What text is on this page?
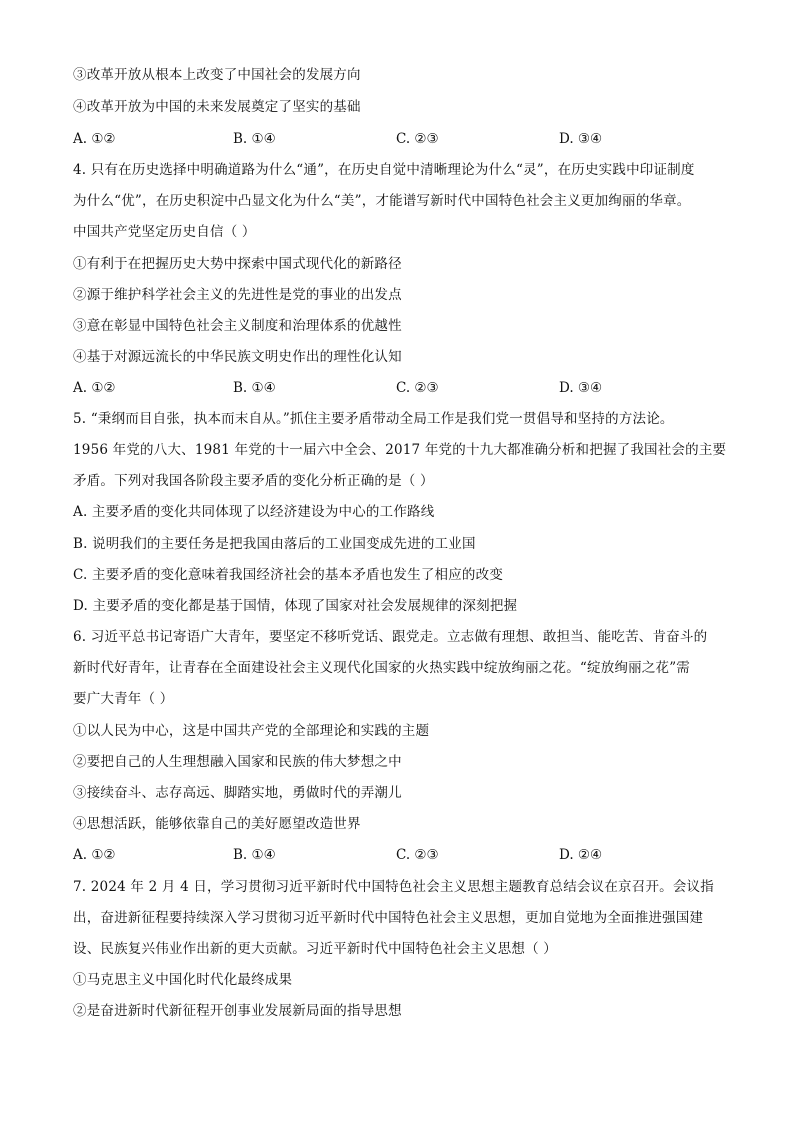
③改革开放从根本上改变了中国社会的发展方向
④改革开放为中国的未来发展奠定了坚实的基础
A. ①②	B. ①④	C. ②③	D. ③④
4. 只有在历史选择中明确道路为什么“通”，在历史自觉中清晰理论为什么“灵”，在历史实践中印证制度
为什么“优”，在历史积淀中凸显文化为什么“美”，才能谱写新时代中国特色社会主义更加绚丽的华章。
中国共产党坚定历史自信（ ）
①有利于在把握历史大势中探索中国式现代化的新路径
②源于维护科学社会主义的先进性是党的事业的出发点
③意在彰显中国特色社会主义制度和治理体系的优越性
④基于对源远流长的中华民族文明史作出的理性化认知
A. ①②	B. ①④	C. ②③	D. ③④
5. “秉纲而目自张，执本而末自从。”抓住主要矛盾带动全局工作是我们党一贯倡导和坚持的方法论。
1956 年党的八大、1981 年党的十一届六中全会、2017 年党的十九大都准确分析和把握了我国社会的主要
矛盾。下列对我国各阶段主要矛盾的变化分析正确的是（ ）
A. 主要矛盾的变化共同体现了以经济建设为中心的工作路线
B. 说明我们的主要任务是把我国由落后的工业国变成先进的工业国
C. 主要矛盾的变化意味着我国经济社会的基本矛盾也发生了相应的改变
D. 主要矛盾的变化都是基于国情，体现了国家对社会发展规律的深刻把握
6. 习近平总书记寄语广大青年，要坚定不移听党话、跟党走。立志做有理想、敢担当、能吃苦、肯奋斗的
新时代好青年，让青春在全面建设社会主义现代化国家的火热实践中绽放绚丽之花。“绽放绚丽之花”需
要广大青年（ ）
①以人民为中心，这是中国共产党的全部理论和实践的主题
②要把自己的人生理想融入国家和民族的伟大梦想之中
③接续奋斗、志存高远、脚踏实地，勇做时代的弄潮儿
④思想活跃，能够依靠自己的美好愿望改造世界
A. ①②	B. ①④	C. ②③	D. ②④
7. 2024 年 2 月 4 日，学习贯彻习近平新时代中国特色社会主义思想主题教育总结会议在京召开。会议指
出，奋进新征程要持续深入学习贯彻习近平新时代中国特色社会主义思想，更加自觉地为全面推进强国建
设、民族复兴伟业作出新的更大贡献。习近平新时代中国特色社会主义思想（ ）
①马克思主义中国化时代化最终成果
②是奋进新时代新征程开创事业发展新局面的指导思想
